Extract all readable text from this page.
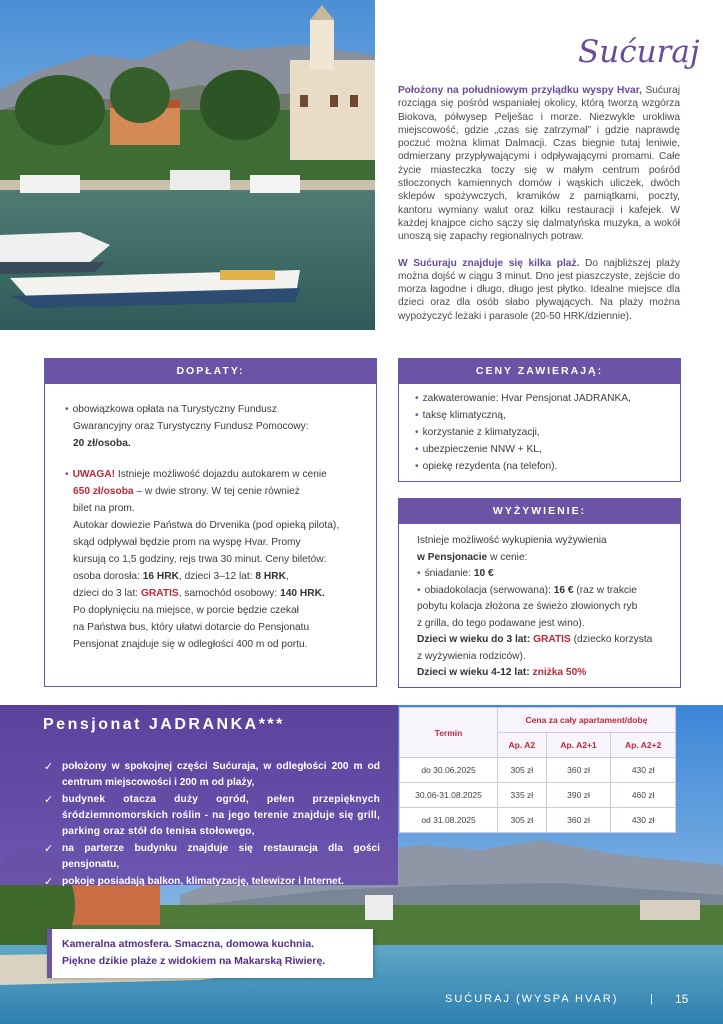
Sućuraj
Położony na południowym przylądku wyspy Hvar, Sućuraj rozciąga się pośród wspaniałej okolicy, którą tworzą wzgórza Biokova, półwysep Pelješac i morze. Niezwykle urokliwa miejscowość, gdzie „czas się zatrzymał” i gdzie naprawdę poczuć można klimat Dalmacji. Czas biegnie tutaj leniwie, odmierzany przypływającymi i odpływającymi promami. Całe życie miasteczka toczy się w małym centrum pośród stłoczonych kamiennych domów i wąskich uliczek, dwóch sklepów spożywczych, kramików z pamiątkami, poczty, kantoru wymiany walut oraz kilku restauracji i kafejek. W każdej knajpce cicho sączy się dalmatyńska muzyka, a wokół unoszą się zapachy regionalnych potraw.
W Sućuraju znajduje się kilka plaż. Do najbliższej plaży można dojść w ciągu 3 minut. Dno jest piaszczyste, zejście do morza łagodne i długo, długo jest płytko. Idealne miejsce dla dzieci oraz dla osób słabo pływających. Na plaży można wypożyczyć leżaki i parasole (20-50 HRK/dziennie).
DOPŁATY:
• obowiązkowa opłata na Turystyczny Fundusz
Gwarancyjny oraz Turystyczny Fundusz Pomocowy:
20 zł/osoba.
• UWAGA! Istnieje możliwość dojazdu autokarem w cenie
650 zł/osoba – w dwie strony. W tej cenie również
bilet na prom.
Autokar dowiezie Państwa do Drvenika (pod opieką pilota),
skąd odpływał będzie prom na wyspę Hvar. Promy
kursują co 1,5 godziny, rejs trwa 30 minut. Ceny biletów:
osoba dorosła: 16 HRK, dzieci 3–12 lat: 8 HRK,
dzieci do 3 lat: GRATIS, samochód osobowy: 140 HRK.
Po dopłynięciu na miejsce, w porcie będzie czekał
na Państwa bus, który ułatwi dotarcie do Pensjonatu
Pensjonat znajduje się w odległości 400 m od portu.
CENY ZAWIERAJĄ:
• zakwaterowanie: Hvar Pensjonat JADRANKA,
• taksę klimatyczną,
• korzystanie z klimatyzacji,
• ubezpieczenie NNW + KL,
• opiekę rezydenta (na telefon).
WYŻYWIENIE:
Istnieje możliwość wykupienia wyżywienia
w Pensjonacie w cenie:
• śniadanie: 10 €
• obiadokolacja (serwowana): 16 € (raz w trakcie
pobytu kolacja złożona ze świeżo złowionych ryb
z grilla, do tego podawane jest wino).
Dzieci w wieku do 3 lat: GRATIS (dziecko korzysta
z wyżywienia rodziców).
Dzieci w wieku 4-12 lat: zniżka 50%
Pensjonat JADRANKA***
✓ położony w spokojnej części Sućuraja, w odległości 200 m od centrum miejscowości i 200 m od plaży,
✓ budynek otacza duży ogród, pełen przepięknych śródziemnomorskich roślin - na jego terenie znajduje się grill, parking oraz stół do tenisa stołowego,
✓ na parterze budynku znajduje się restauracja dla gości pensjonatu,
✓ pokoje posiadają balkon, klimatyzację, telewizor i Internet.
Termin	Cena za cały apartament/dobę		
	Ap. A2	Ap. A2+1	Ap. A2+2
do 30.06.2025	305 zł	360 zł	430 zł
30.06-31.08.2025	335 zł	390 zł	460 zł
od 31.08.2025	305 zł	360 zł	430 zł
Kameralna atmosfera. Smaczna, domowa kuchnia.
Piękne dzikie plaże z widokiem na Makarską Riwierę.
SUĆURAJ (WYSPA HVAR)	| 15
